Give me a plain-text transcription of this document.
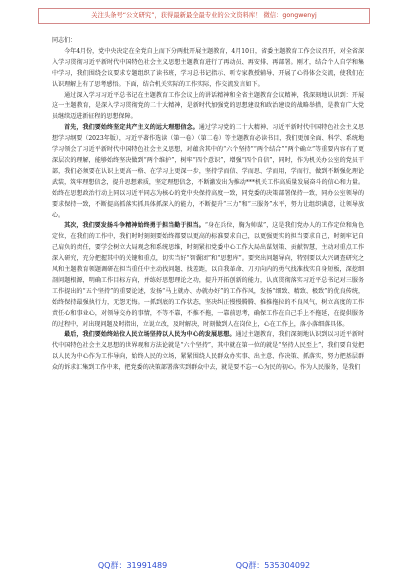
关注头条号“公文研究”，获得最新最全最专业的公文资料库！ 微信：gongwenyj

同志们：

今年4月份，党中央决定在全党自上而下分两批开展主题教育，4月10日，省委主题教育工作会议召开，对全省深入学习贯彻习近平新时代中国特色社会主义思想主题教育进行了再动员、再安排、再部署。刚才，结合个人自学和集中学习，我们围绕会议要求专题组织了读书班，学习总书记指示、听专家教授辅导、开展了心得体会交流，使我们在认识理解上有了思考感悟。下面，结合机关实际的工作实际，作交流发言如下。

通过深入学习习近平总书记在主题教育工作会议上的讲话精神和全省主题教育会议精神，我深刻地认识到：开展这一主题教育，是深入学习贯彻党的二十大精神，是新时代加强党的思想建设和政治建设的战略举措，是教育广大党员继续迈进新征程的思想保障。

首先，我们要始终坚定共产主义的远大理想信念。通过学习党的二十大精神、习近平新时代中国特色社会主义思想学习纲要（2023年版），习近平著作选读（第一卷）（第二卷）等主题教育必读书目，我们更加全面、科学、系统地学习领会了习近平新时代中国特色社会主义思想，对蕴含其中的“六个坚持”“两个结合”“两个确立”等重要内容有了更深层次的理解，能够始终坚决做到“两个维护”，树牢“四个意识”，增强“四个自信”，同时，作为机关办公室的党员干部，我们必须要在认识上更高一格、在学习上更深一步，坚持学而信、学而思、学而用，学而行，做到不断强化理论武装，筑牢理想信念，提升思想素质，坚定理想信念，不断激发出为推动***机关工作高质量发展奋斗的信心和力量。始终在思想政治行动上同以习近平同志为核心的党中央保持高度一致，同党委的决策部署保持一致，同办公室领导的要求保持一致，不断提高抓落实抓具体抓深入的能力，不断提升“三力”和“三服务”水平，努力让组织满意，让领导放心。

其次，我们要发扬斗争精神始终勇于担当勤于担当。“身在兵位，胸为帅谋”，这是我们党办人的工作定位和角色定位，在我们的工作中，我们时时刻刻要始终都要以更高的标准要求自己，以更强更实的担当要求自己，时刻牢记自己肩负的责任，要学会树立大局观念和系统思维，时刻紧扣党委中心工作大局出谋划策、贡献智慧，主动对重点工作深入研究，充分把握其中的关键和重点，切实当好“智囊团”和“思想库”。要突出问题导向，特别要以大兴调查研究之风和主题教育领题调研在担当重任中主动找问题、找差距，以自我革命、刀刃向内的勇气找准找实自身短板，深挖细剖问题根源，明确工作目标方向，并练好思想理论之功，提升开拓创新的能力，认真贯彻落实习近平总书记对三服务工作提出的“五个坚持”的重要论述，发扬“马上就办、办就办好”的工作作风，发扬“细致、精致、极致”的优良传统，始终保持最强执行力，无怨无悔。一抓到底的工作状态，坚决纠正慢慢腾腾、推推拖拉的不良风气，树立高度的工作责任心和事业心，对领导交办的事情，不等不靠，不推不拖，一靠前思考，确保工作在自己手上不拖延，在提供服务的过程中，对出现问题及时指出，立说立改，及时解决，时刻做到人在岗位上，心在工作上，落小落细落具体。

最后，我们要始终站位人民立场坚持以人民为中心的发展思想。通过主题教育，我们深刻地认识到以习近平新时代中国特色社会主义思想的世界观和方法论就是“六个坚持”，其中就在第一位的就是“坚持人民至上”，我们要自觉把以人民为中心作为工作导向，始终人民的立场，紧紧围绕人民群众办实事、出主意、作决策、抓落实，努力把基层群众的诉求汇集到工作中来，把党委的决策部署落实到群众中去，就是要不忘一心为民的初心。作为人民服务，是我们

QQ群：31991489	QQ群：535304092
